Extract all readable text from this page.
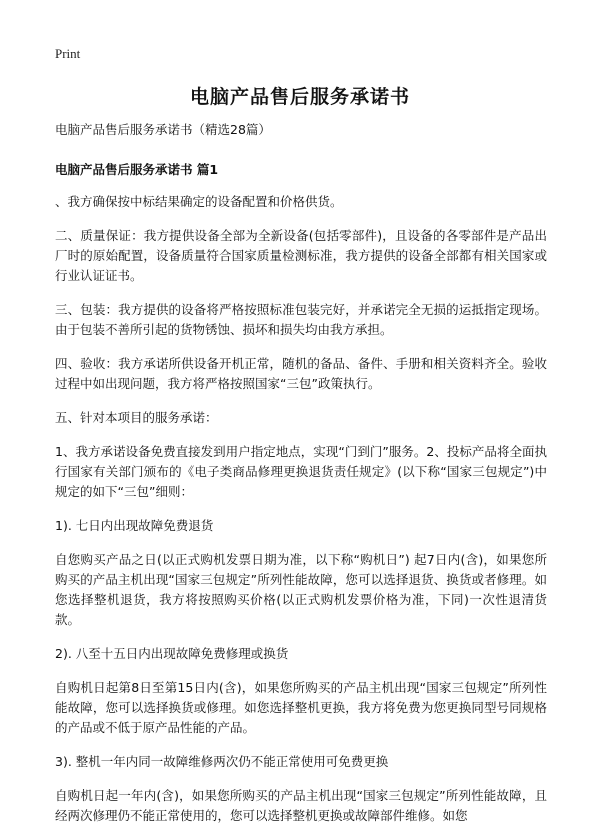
Print
电脑产品售后服务承诺书

电脑产品售后服务承诺书（精选28篇）

电脑产品售后服务承诺书 篇1

、我方确保按中标结果确定的设备配置和价格供货。

二、质量保证：我方提供设备全部为全新设备(包括零部件)，且设备的各零部件是产品出厂时的原始配置，设备质量符合国家质量检测标准，我方提供的设备全部都有相关国家或行业认证证书。

三、包装：我方提供的设备将严格按照标准包装完好，并承诺完全无损的运抵指定现场。由于包装不善所引起的货物锈蚀、损坏和损失均由我方承担。

四、验收：我方承诺所供设备开机正常，随机的备品、备件、手册和相关资料齐全。验收过程中如出现问题，我方将严格按照国家“三包”政策执行。

五、针对本项目的服务承诺：

1、我方承诺设备免费直接发到用户指定地点，实现“门到门”服务。2、投标产品将全面执行国家有关部门颁布的《电子类商品修理更换退货责任规定》(以下称“国家三包规定”)中规定的如下“三包”细则：

1). 七日内出现故障免费退货

自您购买产品之日(以正式购机发票日期为准，以下称“购机日”) 起7日内(含)，如果您所购买的产品主机出现“国家三包规定”所列性能故障，您可以选择退货、换货或者修理。如您选择整机退货，我方将按照购买价格(以正式购机发票价格为准，下同)一次性退清货款。

2). 八至十五日内出现故障免费修理或换货

自购机日起第8日至第15日内(含)，如果您所购买的产品主机出现“国家三包规定”所列性能故障，您可以选择换货或修理。如您选择整机更换，我方将免费为您更换同型号同规格的产品或不低于原产品性能的产品。

3). 整机一年内同一故障维修两次仍不能正常使用可免费更换

自购机日起一年内(含)，如果您所购买的产品主机出现“国家三包规定”所列性能故障，且经两次修理仍不能正常使用的，您可以选择整机更换或故障部件维修。如您
